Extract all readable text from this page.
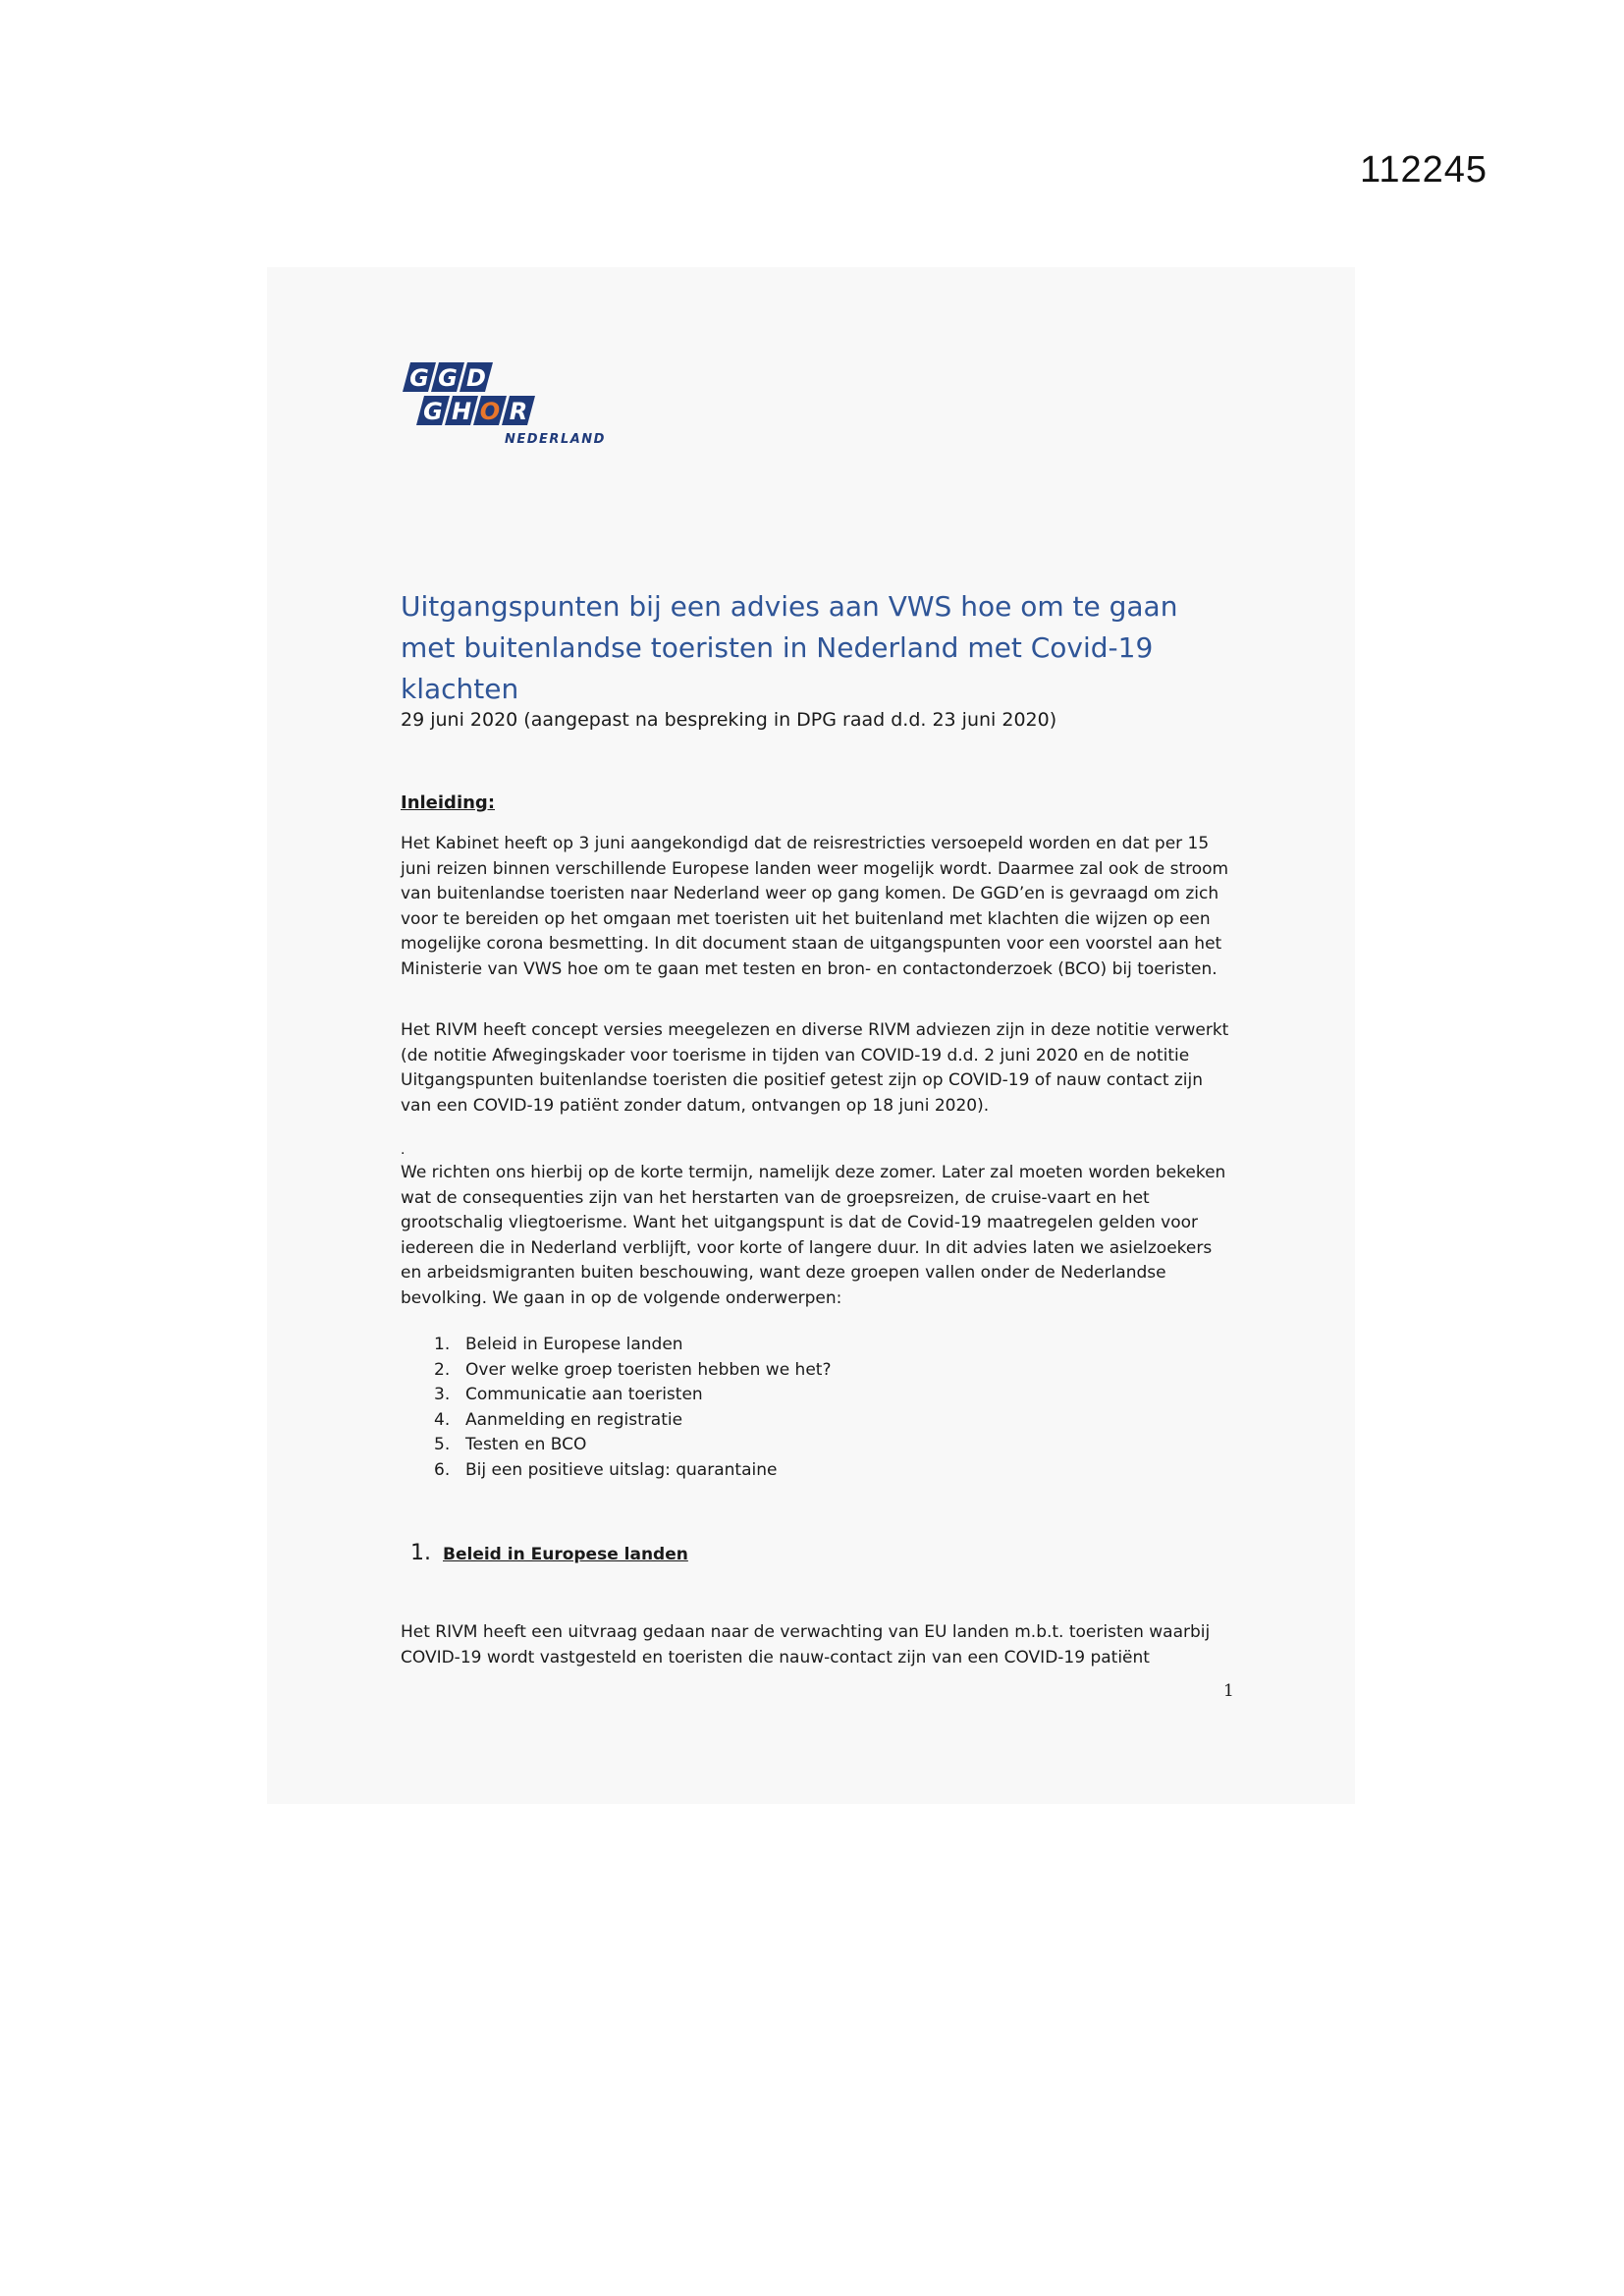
112245
G G D
G H O R
NEDERLAND
Uitgangspunten bij een advies aan VWS hoe om te gaan met buitenlandse toeristen in Nederland met Covid-19 klachten
29 juni 2020 (aangepast na bespreking in DPG raad d.d. 23 juni 2020)
Inleiding:
Het Kabinet heeft op 3 juni aangekondigd dat de reisrestricties versoepeld worden en dat per 15 juni reizen binnen verschillende Europese landen weer mogelijk wordt. Daarmee zal ook de stroom van buitenlandse toeristen naar Nederland weer op gang komen. De GGD’en is gevraagd om zich voor te bereiden op het omgaan met toeristen uit het buitenland met klachten die wijzen op een mogelijke corona besmetting. In dit document staan de uitgangspunten voor een voorstel aan het Ministerie van VWS hoe om te gaan met testen en bron- en contactonderzoek (BCO) bij toeristen.
Het RIVM heeft concept versies meegelezen en diverse RIVM adviezen zijn in deze notitie verwerkt (de notitie Afwegingskader voor toerisme in tijden van COVID-19 d.d. 2 juni 2020 en de notitie Uitgangspunten buitenlandse toeristen die positief getest zijn op COVID-19 of nauw contact zijn van een COVID-19 patiënt zonder datum, ontvangen op 18 juni 2020).
.
We richten ons hierbij op de korte termijn, namelijk deze zomer. Later zal moeten worden bekeken wat de consequenties zijn van het herstarten van de groepsreizen, de cruise-vaart en het grootschalig vliegtoerisme. Want het uitgangspunt is dat de Covid-19 maatregelen gelden voor iedereen die in Nederland verblijft, voor korte of langere duur. In dit advies laten we asielzoekers en arbeidsmigranten buiten beschouwing, want deze groepen vallen onder de Nederlandse bevolking. We gaan in op de volgende onderwerpen:
1. Beleid in Europese landen
2. Over welke groep toeristen hebben we het?
3. Communicatie aan toeristen
4. Aanmelding en registratie
5. Testen en BCO
6. Bij een positieve uitslag: quarantaine
1. Beleid in Europese landen
Het RIVM heeft een uitvraag gedaan naar de verwachting van EU landen m.b.t. toeristen waarbij COVID-19 wordt vastgesteld en toeristen die nauw-contact zijn van een COVID-19 patiënt
1
